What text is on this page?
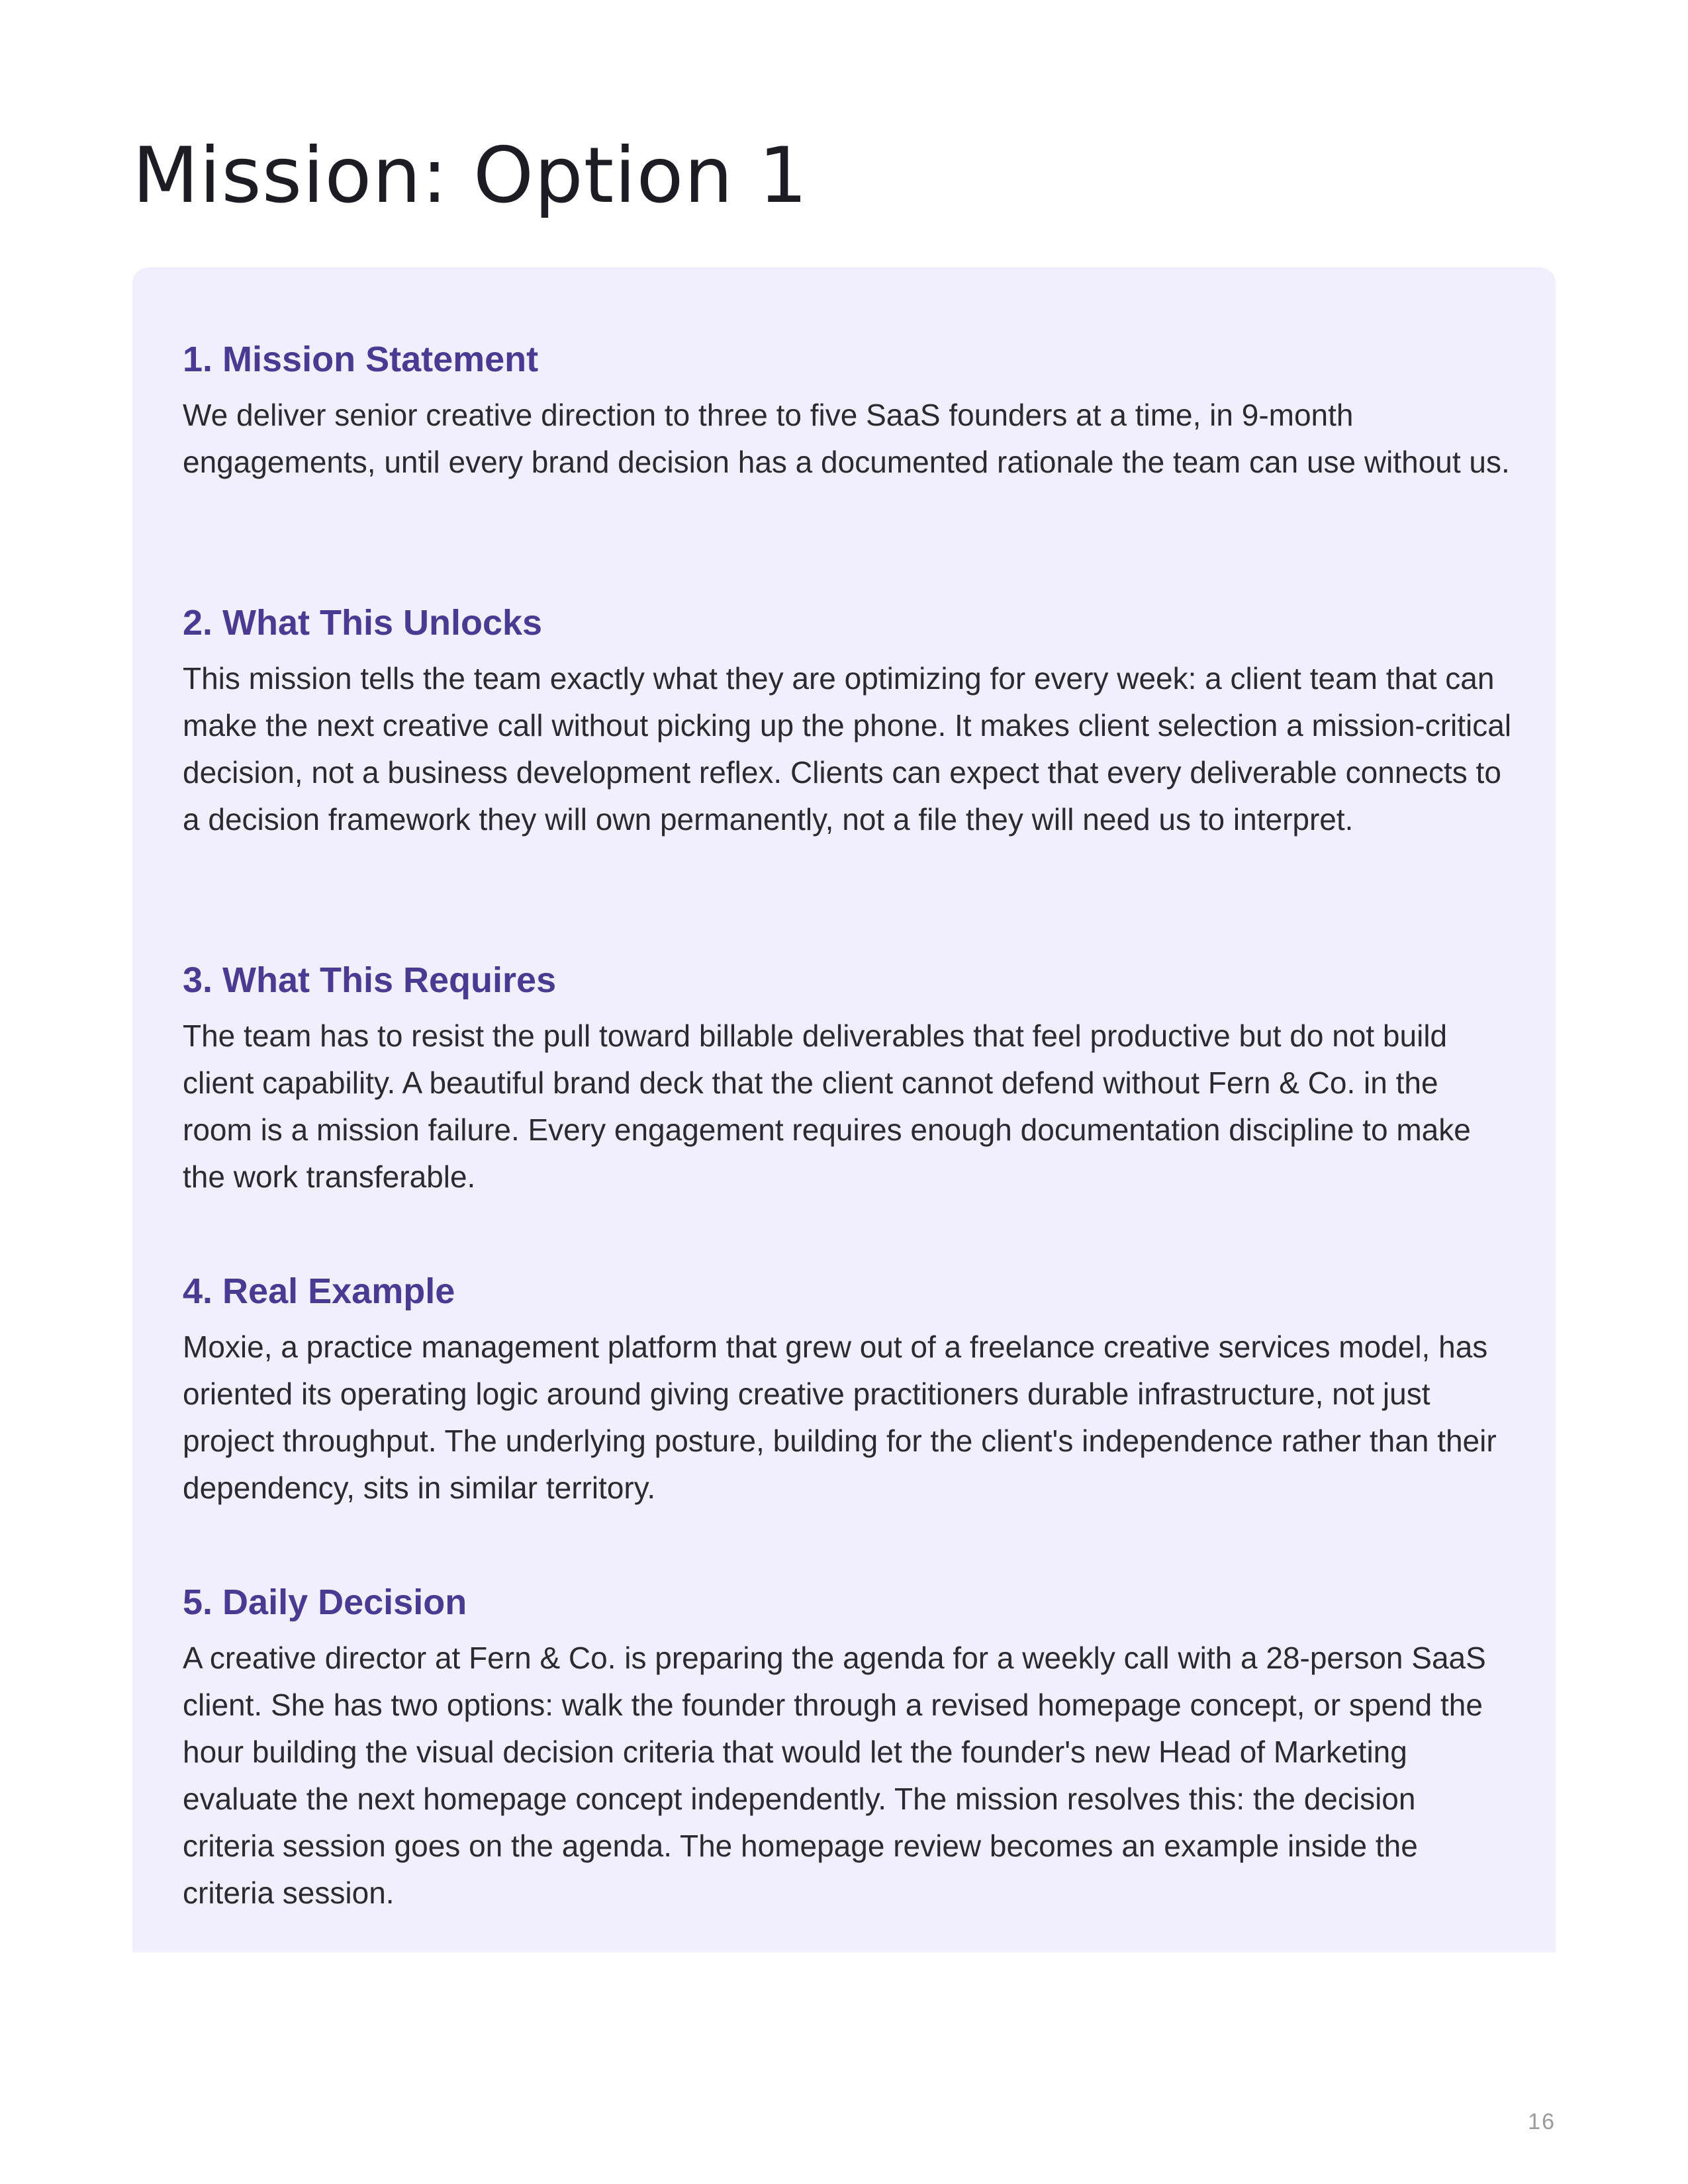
Mission: Option 1
1. Mission Statement

We deliver senior creative direction to three to five SaaS founders at a time, in 9-month engagements, until every brand decision has a documented rationale the team can use without us.

2. What This Unlocks

This mission tells the team exactly what they are optimizing for every week: a client team that can make the next creative call without picking up the phone. It makes client selection a mission-critical decision, not a business development reflex. Clients can expect that every deliverable connects to a decision framework they will own permanently, not a file they will need us to interpret.

3. What This Requires

The team has to resist the pull toward billable deliverables that feel productive but do not build client capability. A beautiful brand deck that the client cannot defend without Fern & Co. in the room is a mission failure. Every engagement requires enough documentation discipline to make the work transferable.

4. Real Example

Moxie, a practice management platform that grew out of a freelance creative services model, has oriented its operating logic around giving creative practitioners durable infrastructure, not just project throughput. The underlying posture, building for the client's independence rather than their dependency, sits in similar territory.

5. Daily Decision

A creative director at Fern & Co. is preparing the agenda for a weekly call with a 28-person SaaS client. She has two options: walk the founder through a revised homepage concept, or spend the hour building the visual decision criteria that would let the founder's new Head of Marketing evaluate the next homepage concept independently. The mission resolves this: the decision criteria session goes on the agenda. The homepage review becomes an example inside the criteria session.

16
